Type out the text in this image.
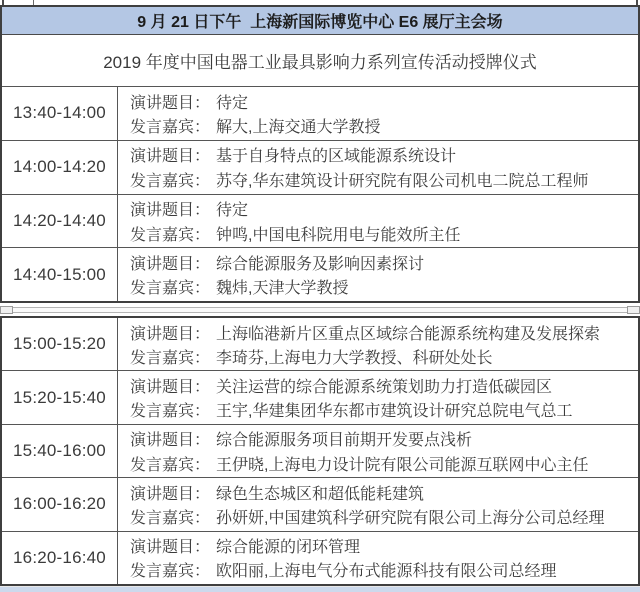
9 月 21 日下午  上海新国际博览中心 E6 展厅主会场
2019 年度中国电器工业最具影响力系列宣传活动授牌仪式
13:40-14:00
演讲题目： 待定
发言嘉宾： 解大,上海交通大学教授
14:00-14:20
演讲题目： 基于自身特点的区域能源系统设计
发言嘉宾： 苏夺,华东建筑设计研究院有限公司机电二院总工程师
14:20-14:40
演讲题目： 待定
发言嘉宾： 钟鸣,中国电科院用电与能效所主任
14:40-15:00
演讲题目： 综合能源服务及影响因素探讨
发言嘉宾： 魏炜,天津大学教授
15:00-15:20
演讲题目： 上海临港新片区重点区域综合能源系统构建及发展探索
发言嘉宾： 李琦芬,上海电力大学教授、科研处处长
15:20-15:40
演讲题目： 关注运营的综合能源系统策划助力打造低碳园区
发言嘉宾： 王宇,华建集团华东都市建筑设计研究总院电气总工
15:40-16:00
演讲题目： 综合能源服务项目前期开发要点浅析
发言嘉宾： 王伊晓,上海电力设计院有限公司能源互联网中心主任
16:00-16:20
演讲题目： 绿色生态城区和超低能耗建筑
发言嘉宾： 孙妍妍,中国建筑科学研究院有限公司上海分公司总经理
16:20-16:40
演讲题目： 综合能源的闭环管理
发言嘉宾： 欧阳丽,上海电气分布式能源科技有限公司总经理
